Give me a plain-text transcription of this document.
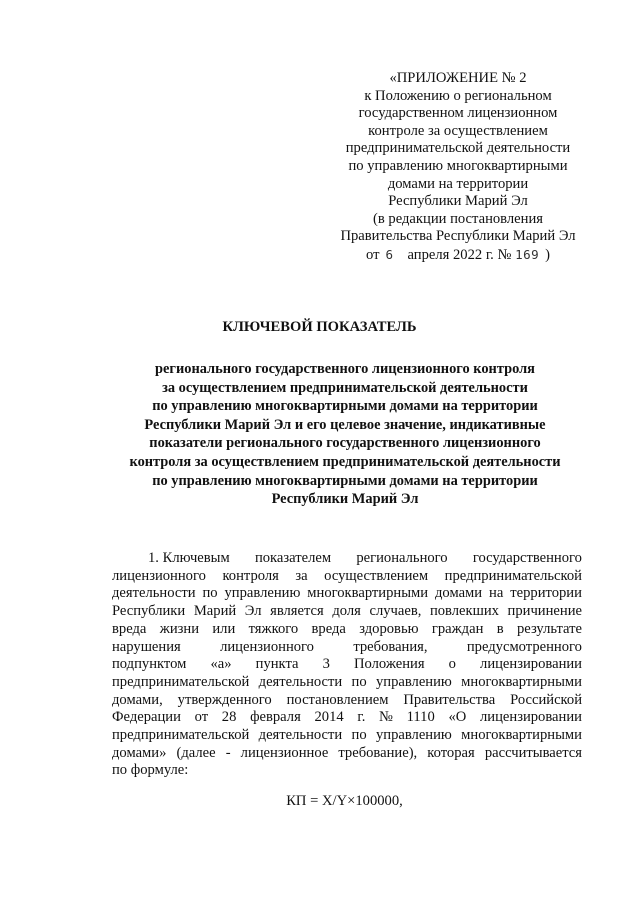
«ПРИЛОЖЕНИЕ № 2
к Положению о региональном
государственном лицензионном
контроле за осуществлением
предпринимательской деятельности
по управлению многоквартирными
домами на территории
Республики Марий Эл
(в редакции постановления
Правительства Республики Марий Эл
от 6 апреля 2022 г. № 169 )
КЛЮЧЕВОЙ ПОКАЗАТЕЛЬ
регионального государственного лицензионного контроля
за осуществлением предпринимательской деятельности
по управлению многоквартирными домами на территории
Республики Марий Эл и его целевое значение, индикативные
показатели регионального государственного лицензионного
контроля за осуществлением предпринимательской деятельности
по управлению многоквартирными домами на территории
Республики Марий Эл
1. Ключевым показателем регионального государственного
лицензионного контроля за осуществлением предпринимательской
деятельности по управлению многоквартирными домами на территории
Республики Марий Эл является доля случаев, повлекших причинение
вреда жизни или тяжкого вреда здоровью граждан в результате
нарушения	лицензионного	требования,	предусмотренного
подпунктом «а» пункта 3 Положения о лицензировании
предпринимательской деятельности по управлению многоквартирными
домами, утвержденного постановлением Правительства Российской
Федерации от 28 февраля 2014 г. № 1110 «О лицензировании
предпринимательской деятельности по управлению многоквартирными
домами» (далее - лицензионное требование), которая рассчитывается
по формуле:
КП = Х/Y×100000,
